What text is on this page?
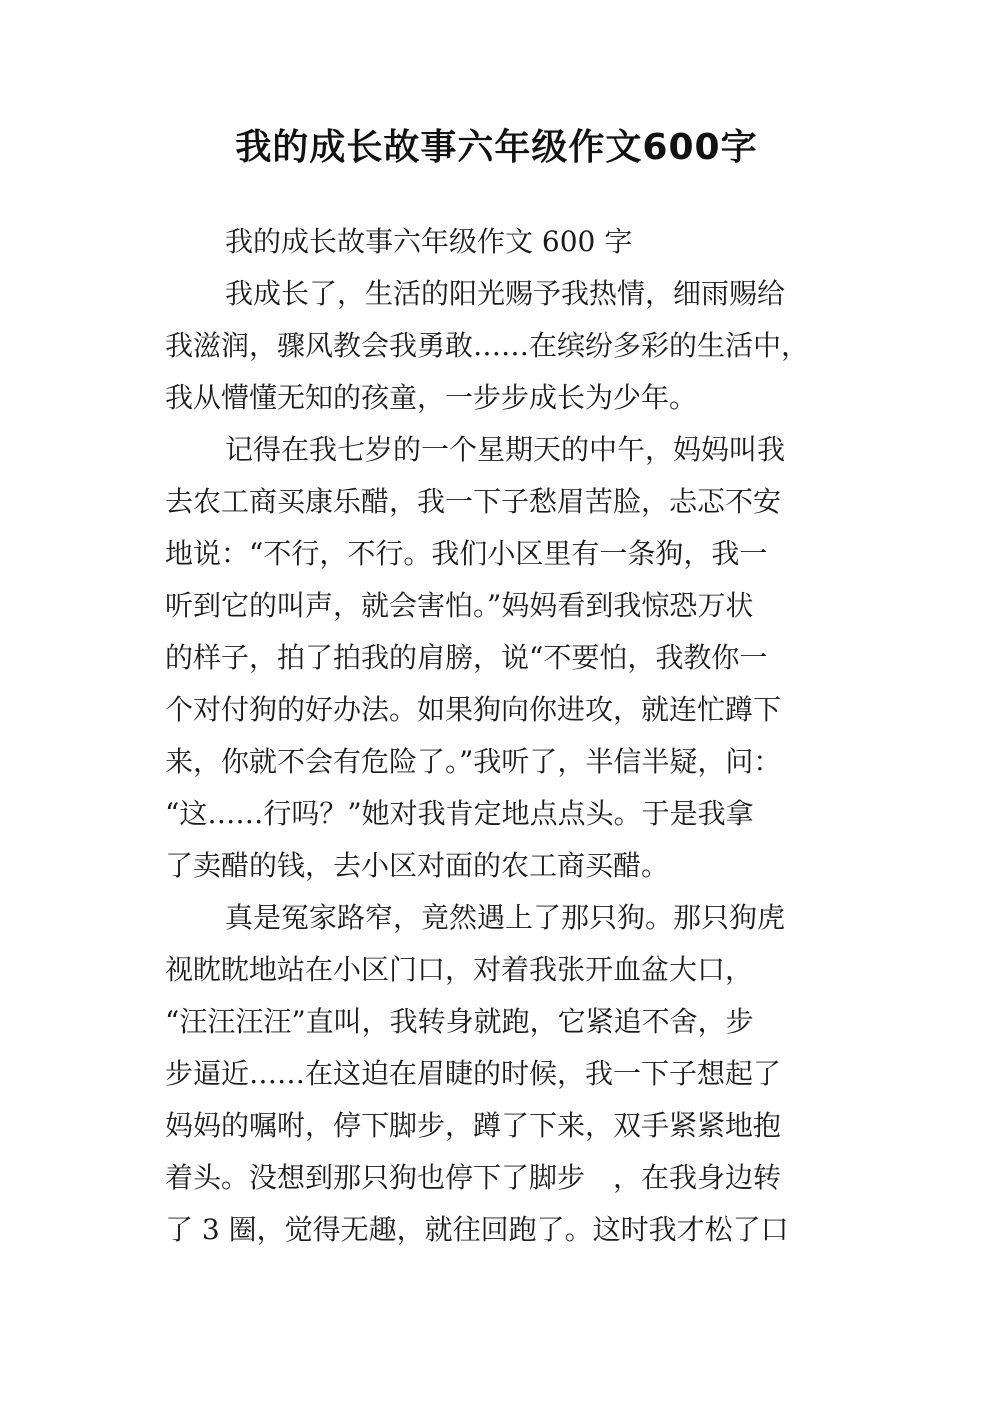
我的成长故事六年级作文600字
我的成长故事六年级作文 600 字
我成长了，生活的阳光赐予我热情，细雨赐给
我滋润，骤风教会我勇敢……在缤纷多彩的生活中，
我从懵懂无知的孩童，一步步成长为少年。
记得在我七岁的一个星期天的中午，妈妈叫我
去农工商买康乐醋，我一下子愁眉苦脸，忐忑不安
地说：“不行，不行。我们小区里有一条狗，我一
听到它的叫声，就会害怕。”妈妈看到我惊恐万状
的样子，拍了拍我的肩膀，说“不要怕，我教你一
个对付狗的好办法。如果狗向你进攻，就连忙蹲下
来，你就不会有危险了。”我听了，半信半疑，问：
“这……行吗？”她对我肯定地点点头。于是我拿
了卖醋的钱，去小区对面的农工商买醋。
真是冤家路窄，竟然遇上了那只狗。那只狗虎
视眈眈地站在小区门口，对着我张开血盆大口，
“汪汪汪汪”直叫，我转身就跑，它紧追不舍，步
步逼近……在这迫在眉睫的时候，我一下子想起了
妈妈的嘱咐，停下脚步，蹲了下来，双手紧紧地抱
着头。没想到那只狗也停下了脚步　，在我身边转
了 3 圈，觉得无趣，就往回跑了。这时我才松了口
